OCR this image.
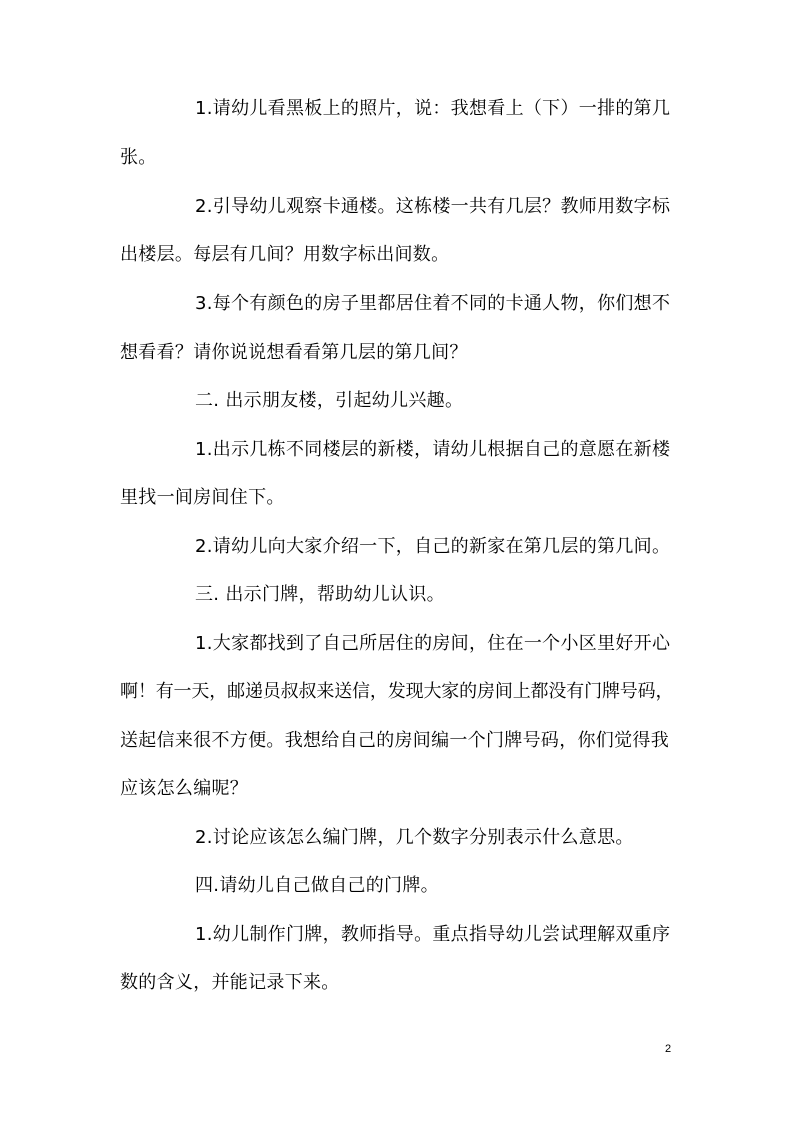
1.请幼儿看黑板上的照片，说：我想看上（下）一排的第几
张。
2.引导幼儿观察卡通楼。这栋楼一共有几层？教师用数字标
出楼层。每层有几间？用数字标出间数。
3.每个有颜色的房子里都居住着不同的卡通人物，你们想不
想看看？请你说说想看看第几层的第几间？
二. 出示朋友楼，引起幼儿兴趣。
1.出示几栋不同楼层的新楼，请幼儿根据自己的意愿在新楼
里找一间房间住下。
2.请幼儿向大家介绍一下，自己的新家在第几层的第几间。
三. 出示门牌，帮助幼儿认识。
1.大家都找到了自己所居住的房间，住在一个小区里好开心
啊！有一天，邮递员叔叔来送信，发现大家的房间上都没有门牌号码，
送起信来很不方便。我想给自己的房间编一个门牌号码，你们觉得我
应该怎么编呢？
2.讨论应该怎么编门牌，几个数字分别表示什么意思。
四.请幼儿自己做自己的门牌。
1.幼儿制作门牌，教师指导。重点指导幼儿尝试理解双重序
数的含义，并能记录下来。
2
